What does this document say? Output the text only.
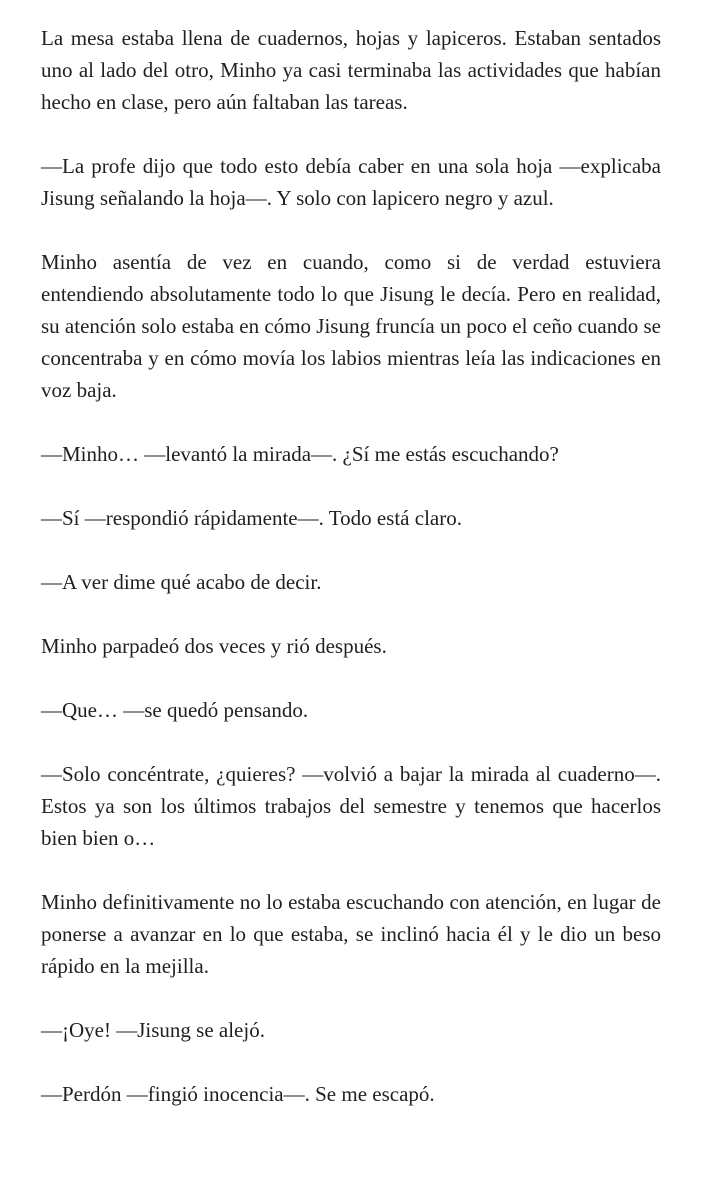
La mesa estaba llena de cuadernos, hojas y lapiceros. Estaban sentados uno al lado del otro, Minho ya casi terminaba las actividades que habían hecho en clase, pero aún faltaban las tareas.

—La profe dijo que todo esto debía caber en una sola hoja —explicaba Jisung señalando la hoja—. Y solo con lapicero negro y azul.

Minho asentía de vez en cuando, como si de verdad estuviera entendiendo absolutamente todo lo que Jisung le decía. Pero en realidad, su atención solo estaba en cómo Jisung fruncía un poco el ceño cuando se concentraba y en cómo movía los labios mientras leía las indicaciones en voz baja.

—Minho… —levantó la mirada—. ¿Sí me estás escuchando?

—Sí —respondió rápidamente—. Todo está claro.

—A ver dime qué acabo de decir.

Minho parpadeó dos veces y rió después.

—Que… —se quedó pensando.

—Solo concéntrate, ¿quieres? —volvió a bajar la mirada al cuaderno—. Estos ya son los últimos trabajos del semestre y tenemos que hacerlos bien bien o…

Minho definitivamente no lo estaba escuchando con atención, en lugar de ponerse a avanzar en lo que estaba, se inclinó hacia él y le dio un beso rápido en la mejilla.

—¡Oye! —Jisung se alejó.

—Perdón —fingió inocencia—. Se me escapó.
